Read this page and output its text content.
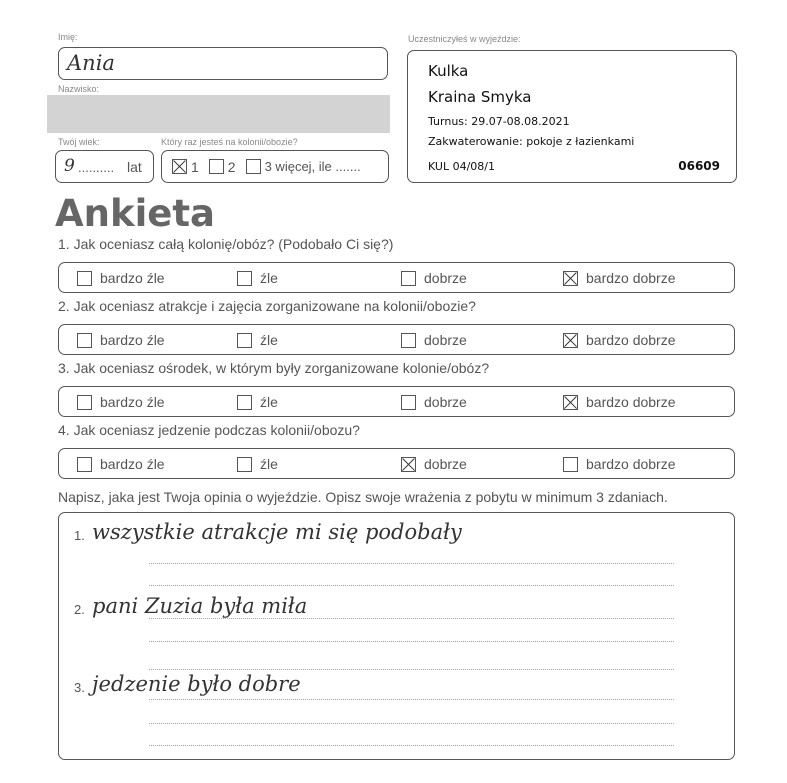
Imię:
Ania
Nazwisko:
Twój wiek:
9 .......... lat
Który raz jesteś na kolonii/obozie?
1 2 3 więcej, ile .......
Uczestniczyłeś w wyjeździe:
Kulka
Kraina Smyka
Turnus: 29.07-08.08.2021
Zakwaterowanie: pokoje z łazienkami
KUL 04/08/1	06609
Ankieta
1. Jak oceniasz całą kolonię/obóz? (Podobało Ci się?)
bardzo źle	źle	dobrze	bardzo dobrze
2. Jak oceniasz atrakcje i zajęcia zorganizowane na kolonii/obozie?
bardzo źle	źle	dobrze	bardzo dobrze
3. Jak oceniasz ośrodek, w którym były zorganizowane kolonie/obóz?
bardzo źle	źle	dobrze	bardzo dobrze
4. Jak oceniasz jedzenie podczas kolonii/obozu?
bardzo źle	źle	dobrze	bardzo dobrze
Napisz, jaka jest Twoja opinia o wyjeździe. Opisz swoje wrażenia z pobytu w minimum 3 zdaniach.
1. wszystkie atrakcje mi się podobały
2. pani Zuzia była miła
3. jedzenie było dobre
